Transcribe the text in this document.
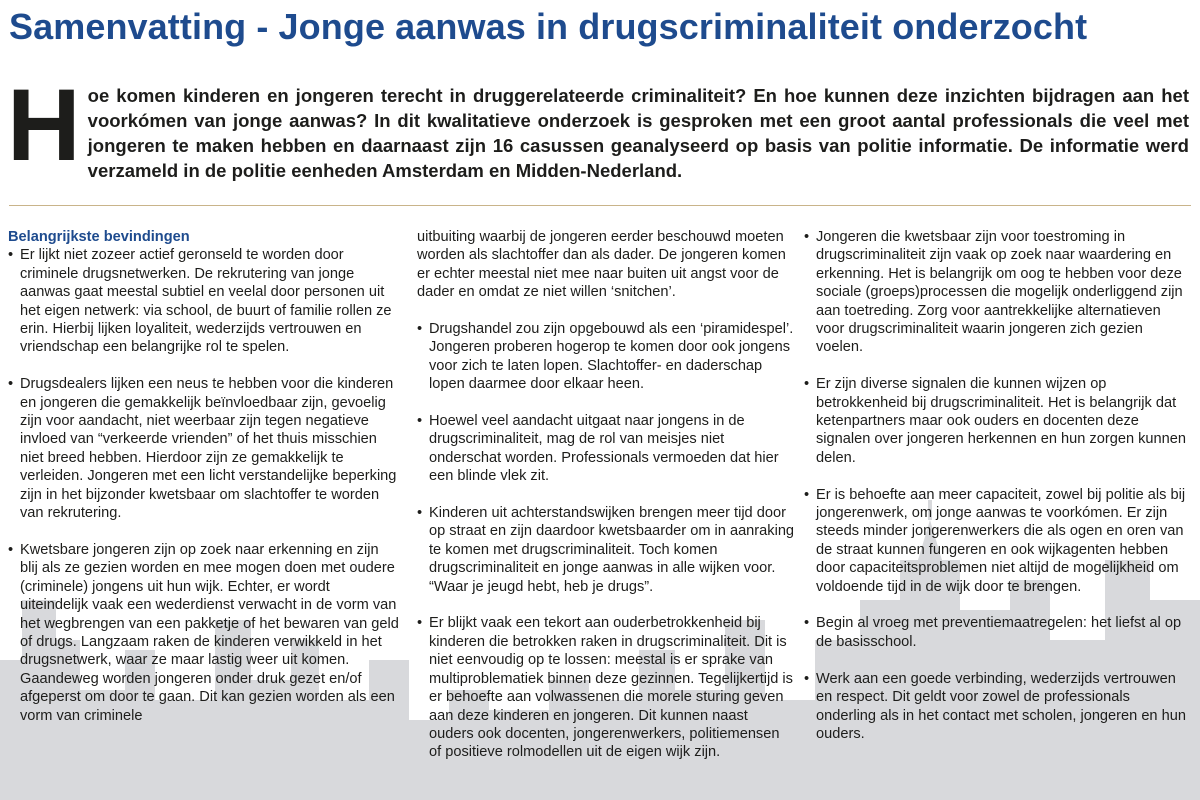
Samenvatting - Jonge aanwas in drugscriminaliteit onderzocht

Hoe komen kinderen en jongeren terecht in druggerelateerde criminaliteit? En hoe kunnen deze inzichten bijdragen aan het voorkómen van jonge aanwas? In dit kwalitatieve onderzoek is gesproken met een groot aantal professionals die veel met jongeren te maken hebben en daarnaast zijn 16 casussen geanalyseerd op basis van politie informatie. De informatie werd verzameld in de politie eenheden Amsterdam en Midden-Nederland.

Belangrijkste bevindingen

• Er lijkt niet zozeer actief geronseld te worden door criminele drugsnetwerken. De rekrutering van jonge aanwas gaat meestal subtiel en veelal door personen uit het eigen netwerk: via school, de buurt of familie rollen ze erin. Hierbij lijken loyaliteit, wederzijds vertrouwen en vriendschap een belangrijke rol te spelen.

• Drugsdealers lijken een neus te hebben voor die kinderen en jongeren die gemakkelijk beïnvloedbaar zijn, gevoelig zijn voor aandacht, niet weerbaar zijn tegen negatieve invloed van “verkeerde vrienden” of het thuis misschien niet breed hebben. Hierdoor zijn ze gemakkelijk te verleiden. Jongeren met een licht verstandelijke beperking zijn in het bijzonder kwetsbaar om slachtoffer te worden van rekrutering.

• Kwetsbare jongeren zijn op zoek naar erkenning en zijn blij als ze gezien worden en mee mogen doen met oudere (criminele) jongens uit hun wijk. Echter, er wordt uiteindelijk vaak een wederdienst verwacht in de vorm van het wegbrengen van een pakketje of het bewaren van geld of drugs. Langzaam raken de kinderen verwikkeld in het drugsnetwerk, waar ze maar lastig weer uit komen. Gaandeweg worden jongeren onder druk gezet en/of afgeperst om door te gaan. Dit kan gezien worden als een vorm van criminele

uitbuiting waarbij de jongeren eerder beschouwd moeten worden als slachtoffer dan als dader. De jongeren komen er echter meestal niet mee naar buiten uit angst voor de dader en omdat ze niet willen ‘snitchen’.

• Drugshandel zou zijn opgebouwd als een ‘piramidespel’. Jongeren proberen hogerop te komen door ook jongens voor zich te laten lopen. Slachtoffer- en daderschap lopen daarmee door elkaar heen.

• Hoewel veel aandacht uitgaat naar jongens in de drugscriminaliteit, mag de rol van meisjes niet onderschat worden. Professionals vermoeden dat hier een blinde vlek zit.

• Kinderen uit achterstandswijken brengen meer tijd door op straat en zijn daardoor kwetsbaarder om in aanraking te komen met drugscriminaliteit. Toch komen drugscriminaliteit en jonge aanwas in alle wijken voor. “Waar je jeugd hebt, heb je drugs”.

• Er blijkt vaak een tekort aan ouderbetrokkenheid bij kinderen die betrokken raken in drugscriminaliteit. Dit is niet eenvoudig op te lossen: meestal is er sprake van multiproblematiek binnen deze gezinnen. Tegelijkertijd is er behoefte aan volwassenen die morele sturing geven aan deze kinderen en jongeren. Dit kunnen naast ouders ook docenten, jongerenwerkers, politiemensen of positieve rolmodellen uit de eigen wijk zijn.

• Jongeren die kwetsbaar zijn voor toestroming in drugscriminaliteit zijn vaak op zoek naar waardering en erkenning. Het is belangrijk om oog te hebben voor deze sociale (groeps)processen die mogelijk onderliggend zijn aan toetreding. Zorg voor aantrekkelijke alternatieven voor drugscriminaliteit waarin jongeren zich gezien voelen.

• Er zijn diverse signalen die kunnen wijzen op betrokkenheid bij drugscriminaliteit. Het is belangrijk dat ketenpartners maar ook ouders en docenten deze signalen over jongeren herkennen en hun zorgen kunnen delen.

• Er is behoefte aan meer capaciteit, zowel bij politie als bij jongerenwerk, om jonge aanwas te voorkómen. Er zijn steeds minder jongerenwerkers die als ogen en oren van de straat kunnen fungeren en ook wijkagenten hebben door capaciteitsproblemen niet altijd de mogelijkheid om voldoende tijd in de wijk door te brengen.

• Begin al vroeg met preventiemaatregelen: het liefst al op de basisschool.

• Werk aan een goede verbinding, wederzijds vertrouwen en respect. Dit geldt voor zowel de professionals onderling als in het contact met scholen, jongeren en hun ouders.
